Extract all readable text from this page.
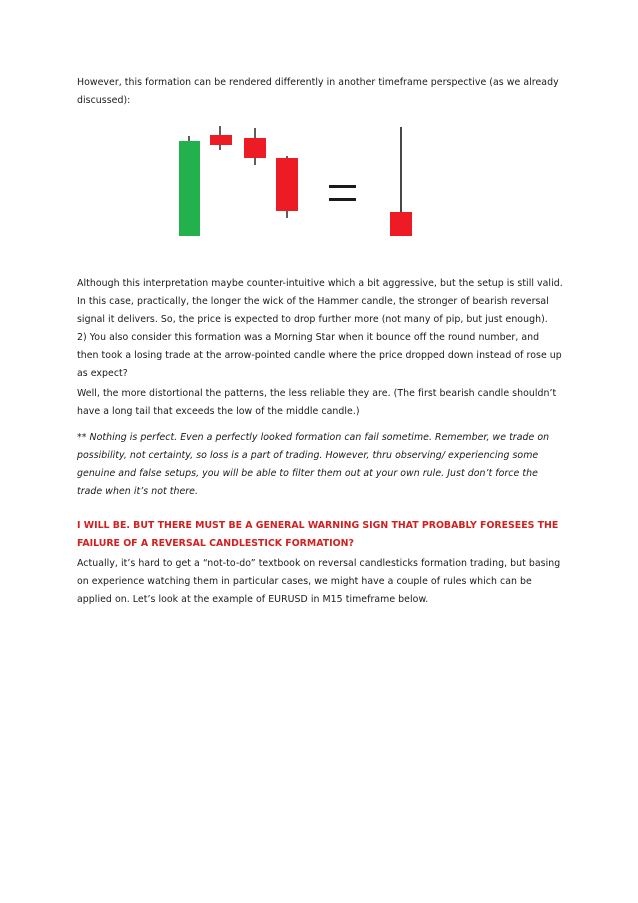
However, this formation can be rendered differently in another timeframe perspective (as we already discussed):

Although this interpretation maybe counter-intuitive which a bit aggressive, but the setup is still valid. In this case, practically, the longer the wick of the Hammer candle, the stronger of bearish reversal signal it delivers. So, the price is expected to drop further more (not many of pip, but just enough).

2) You also consider this formation was a Morning Star when it bounce off the round number, and then took a losing trade at the arrow-pointed candle where the price dropped down instead of rose up as expect?

Well, the more distortional the patterns, the less reliable they are. (The first bearish candle shouldn’t have a long tail that exceeds the low of the middle candle.)

** Nothing is perfect. Even a perfectly looked formation can fail sometime. Remember, we trade on possibility, not certainty, so loss is a part of trading. However, thru observing/ experiencing some genuine and false setups, you will be able to filter them out at your own rule. Just don’t force the trade when it’s not there.

I WILL BE. BUT THERE MUST BE A GENERAL WARNING SIGN THAT PROBABLY FORESEES THE FAILURE OF A REVERSAL CANDLESTICK FORMATION?

Actually, it’s hard to get a “not-to-do” textbook on reversal candlesticks formation trading, but basing on experience watching them in particular cases, we might have a couple of rules which can be applied on. Let’s look at the example of EURUSD in M15 timeframe below.
